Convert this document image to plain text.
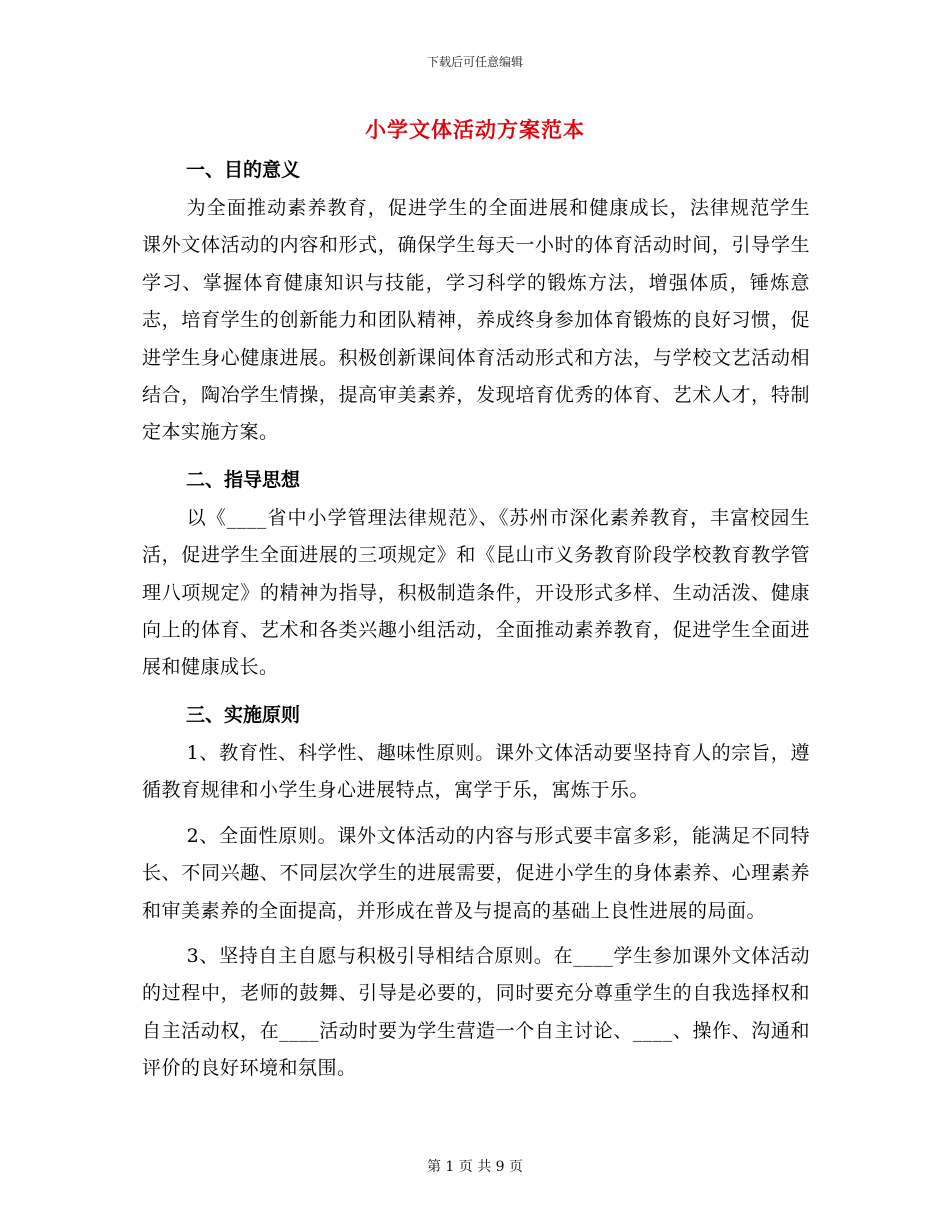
下载后可任意编辑
小学文体活动方案范本
一、目的意义

为全面推动素养教育，促进学生的全面进展和健康成长，法律规范学生课外文体活动的内容和形式，确保学生每天一小时的体育活动时间，引导学生学习、掌握体育健康知识与技能，学习科学的锻炼方法，增强体质，锤炼意志，培育学生的创新能力和团队精神，养成终身参加体育锻炼的良好习惯，促进学生身心健康进展。积极创新课间体育活动形式和方法，与学校文艺活动相结合，陶冶学生情操，提高审美素养，发现培育优秀的体育、艺术人才，特制定本实施方案。

二、指导思想

以《____省中小学管理法律规范》、《苏州市深化素养教育，丰富校园生活，促进学生全面进展的三项规定》和《昆山市义务教育阶段学校教育教学管理八项规定》的精神为指导，积极制造条件，开设形式多样、生动活泼、健康向上的体育、艺术和各类兴趣小组活动，全面推动素养教育，促进学生全面进展和健康成长。

三、实施原则

1、教育性、科学性、趣味性原则。课外文体活动要坚持育人的宗旨，遵循教育规律和小学生身心进展特点，寓学于乐，寓炼于乐。

2、全面性原则。课外文体活动的内容与形式要丰富多彩，能满足不同特长、不同兴趣、不同层次学生的进展需要，促进小学生的身体素养、心理素养和审美素养的全面提高，并形成在普及与提高的基础上良性进展的局面。

3、坚持自主自愿与积极引导相结合原则。在____学生参加课外文体活动的过程中，老师的鼓舞、引导是必要的，同时要充分尊重学生的自我选择权和自主活动权，在____活动时要为学生营造一个自主讨论、____、操作、沟通和评价的良好环境和氛围。

第 1 页 共 9 页
